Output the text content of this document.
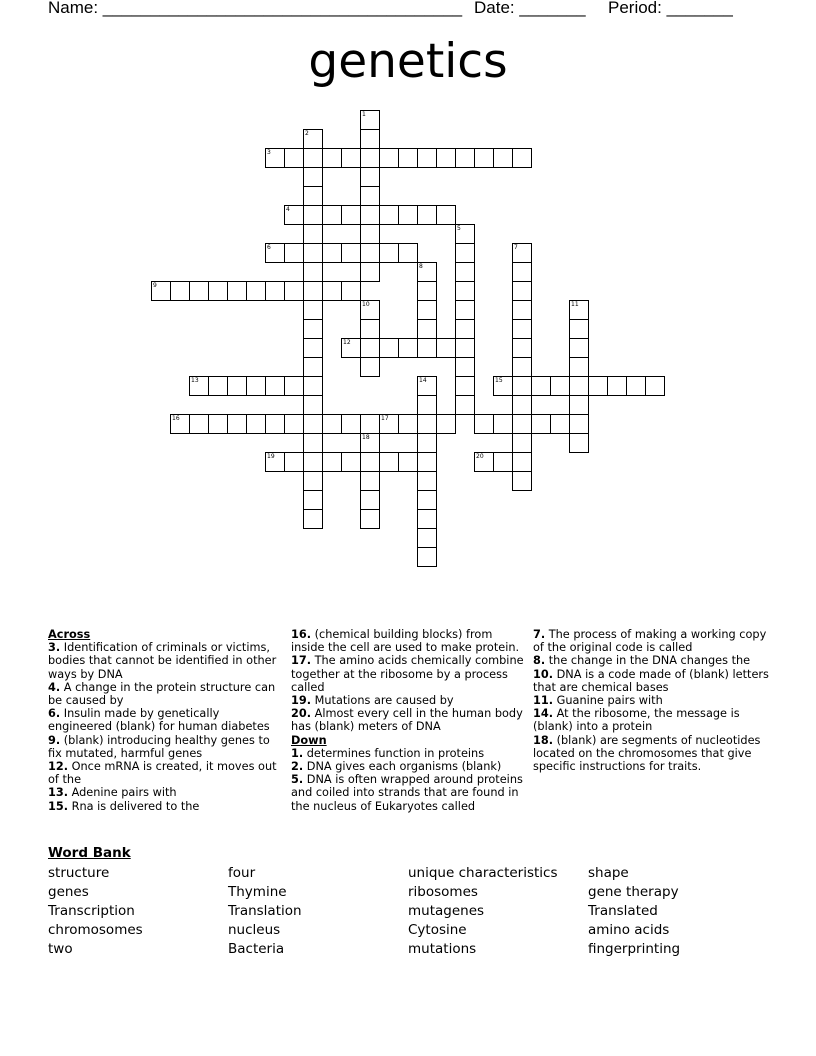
Name: ______________________________________ Date: _______ Period: _______
genetics
1
2
3
4
5
6	7
8
9
10	11
12
13	14	15
16	17
18
19	20
Across
3. Identification of criminals or victims, bodies that cannot be identified in other ways by DNA
4. A change in the protein structure can be caused by
6. Insulin made by genetically engineered (blank) for human diabetes
9. (blank) introducing healthy genes to fix mutated, harmful genes
12. Once mRNA is created, it moves out of the
13. Adenine pairs with
15. Rna is delivered to the
16. (chemical building blocks) from inside the cell are used to make protein.
17. The amino acids chemically combine together at the ribosome by a process called
19. Mutations are caused by
20. Almost every cell in the human body has (blank) meters of DNA
Down
1. determines function in proteins
2. DNA gives each organisms (blank)
5. DNA is often wrapped around proteins and coiled into strands that are found in the nucleus of Eukaryotes called
7. The process of making a working copy of the original code is called
8. the change in the DNA changes the
10. DNA is a code made of (blank) letters that are chemical bases
11. Guanine pairs with
14. At the ribosome, the message is (blank) into a protein
18. (blank) are segments of nucleotides located on the chromosomes that give specific instructions for traits.
Word Bank
structure
genes
Transcription
chromosomes
two
four
Thymine
Translation
nucleus
Bacteria
unique characteristics
ribosomes
mutagenes
Cytosine
mutations
shape
gene therapy
Translated
amino acids
fingerprinting
